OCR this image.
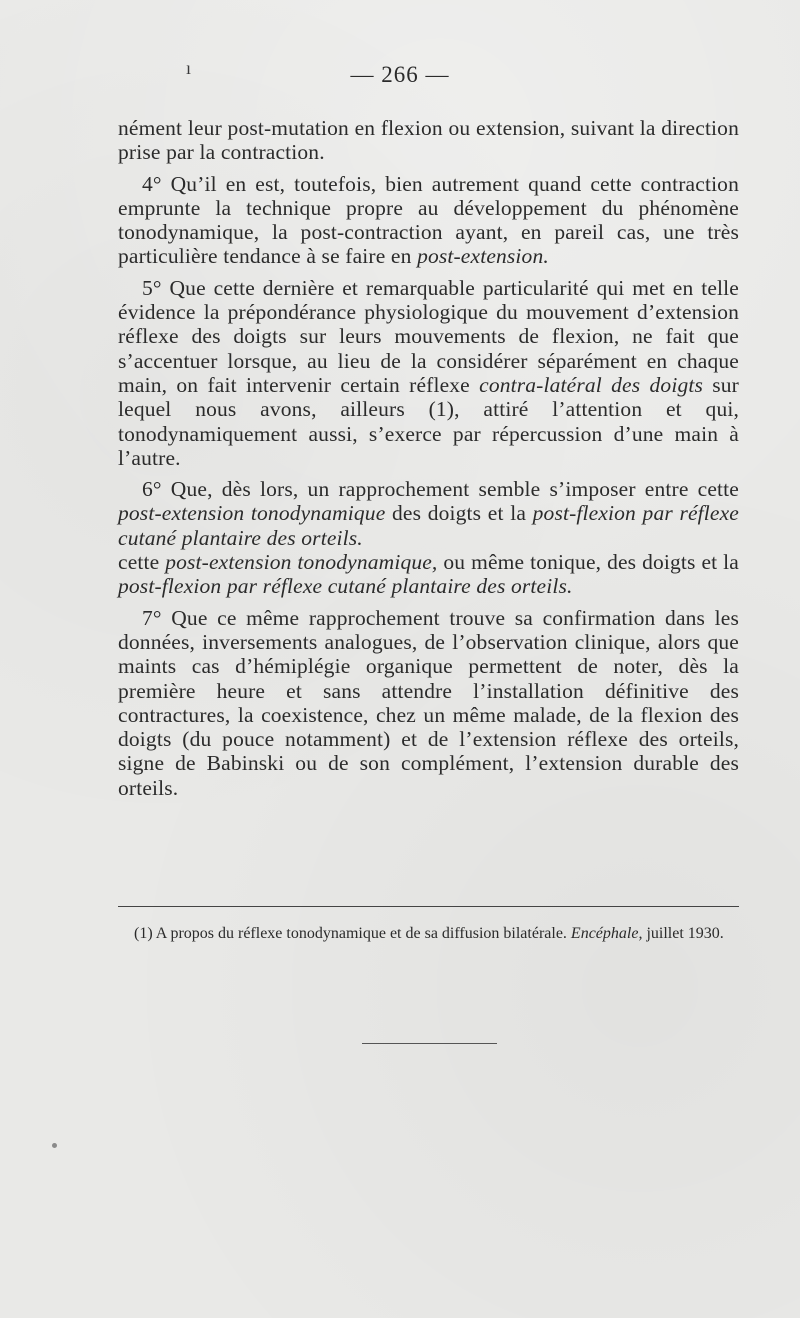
ı	— 266 —

nément leur post-mutation en flexion ou extension, suivant la direction prise par la contraction.

4° Qu’il en est, toutefois, bien autrement quand cette contraction emprunte la technique propre au développement du phénomène tonodynamique, la post-contraction ayant, en pareil cas, une très particulière tendance à se faire en post-extension.

5° Que cette dernière et remarquable particularité qui met en telle évidence la prépondérance physiologique du mouvement d’extension réflexe des doigts sur leurs mouvements de flexion, ne fait que s’accentuer lorsque, au lieu de la considérer séparément en chaque main, on fait intervenir certain réflexe contra-latéral des doigts sur lequel nous avons, ailleurs (1), attiré l’attention et qui, tonodynamiquement aussi, s’exerce par répercussion d’une main à l’autre.

6° Que, dès lors, un rapprochement semble s’imposer entre cette post-extension tonodynamique des doigts et la post-flexion par réflexe cutané plantaire des orteils.

cette post-extension tonodynamique, ou même tonique, des doigts et la post-flexion par réflexe cutané plantaire des orteils.

7° Que ce même rapprochement trouve sa confirmation dans les données, inversements analogues, de l’observation clinique, alors que maints cas d’hémiplégie organique permettent de noter, dès la première heure et sans attendre l’installation définitive des contractures, la coexistence, chez un même malade, de la flexion des doigts (du pouce notamment) et de l’extension réflexe des orteils, signe de Babinski ou de son complément, l’extension durable des orteils.

(1) A propos du réflexe tonodynamique et de sa diffusion bilatérale. Encéphale, juillet 1930.
